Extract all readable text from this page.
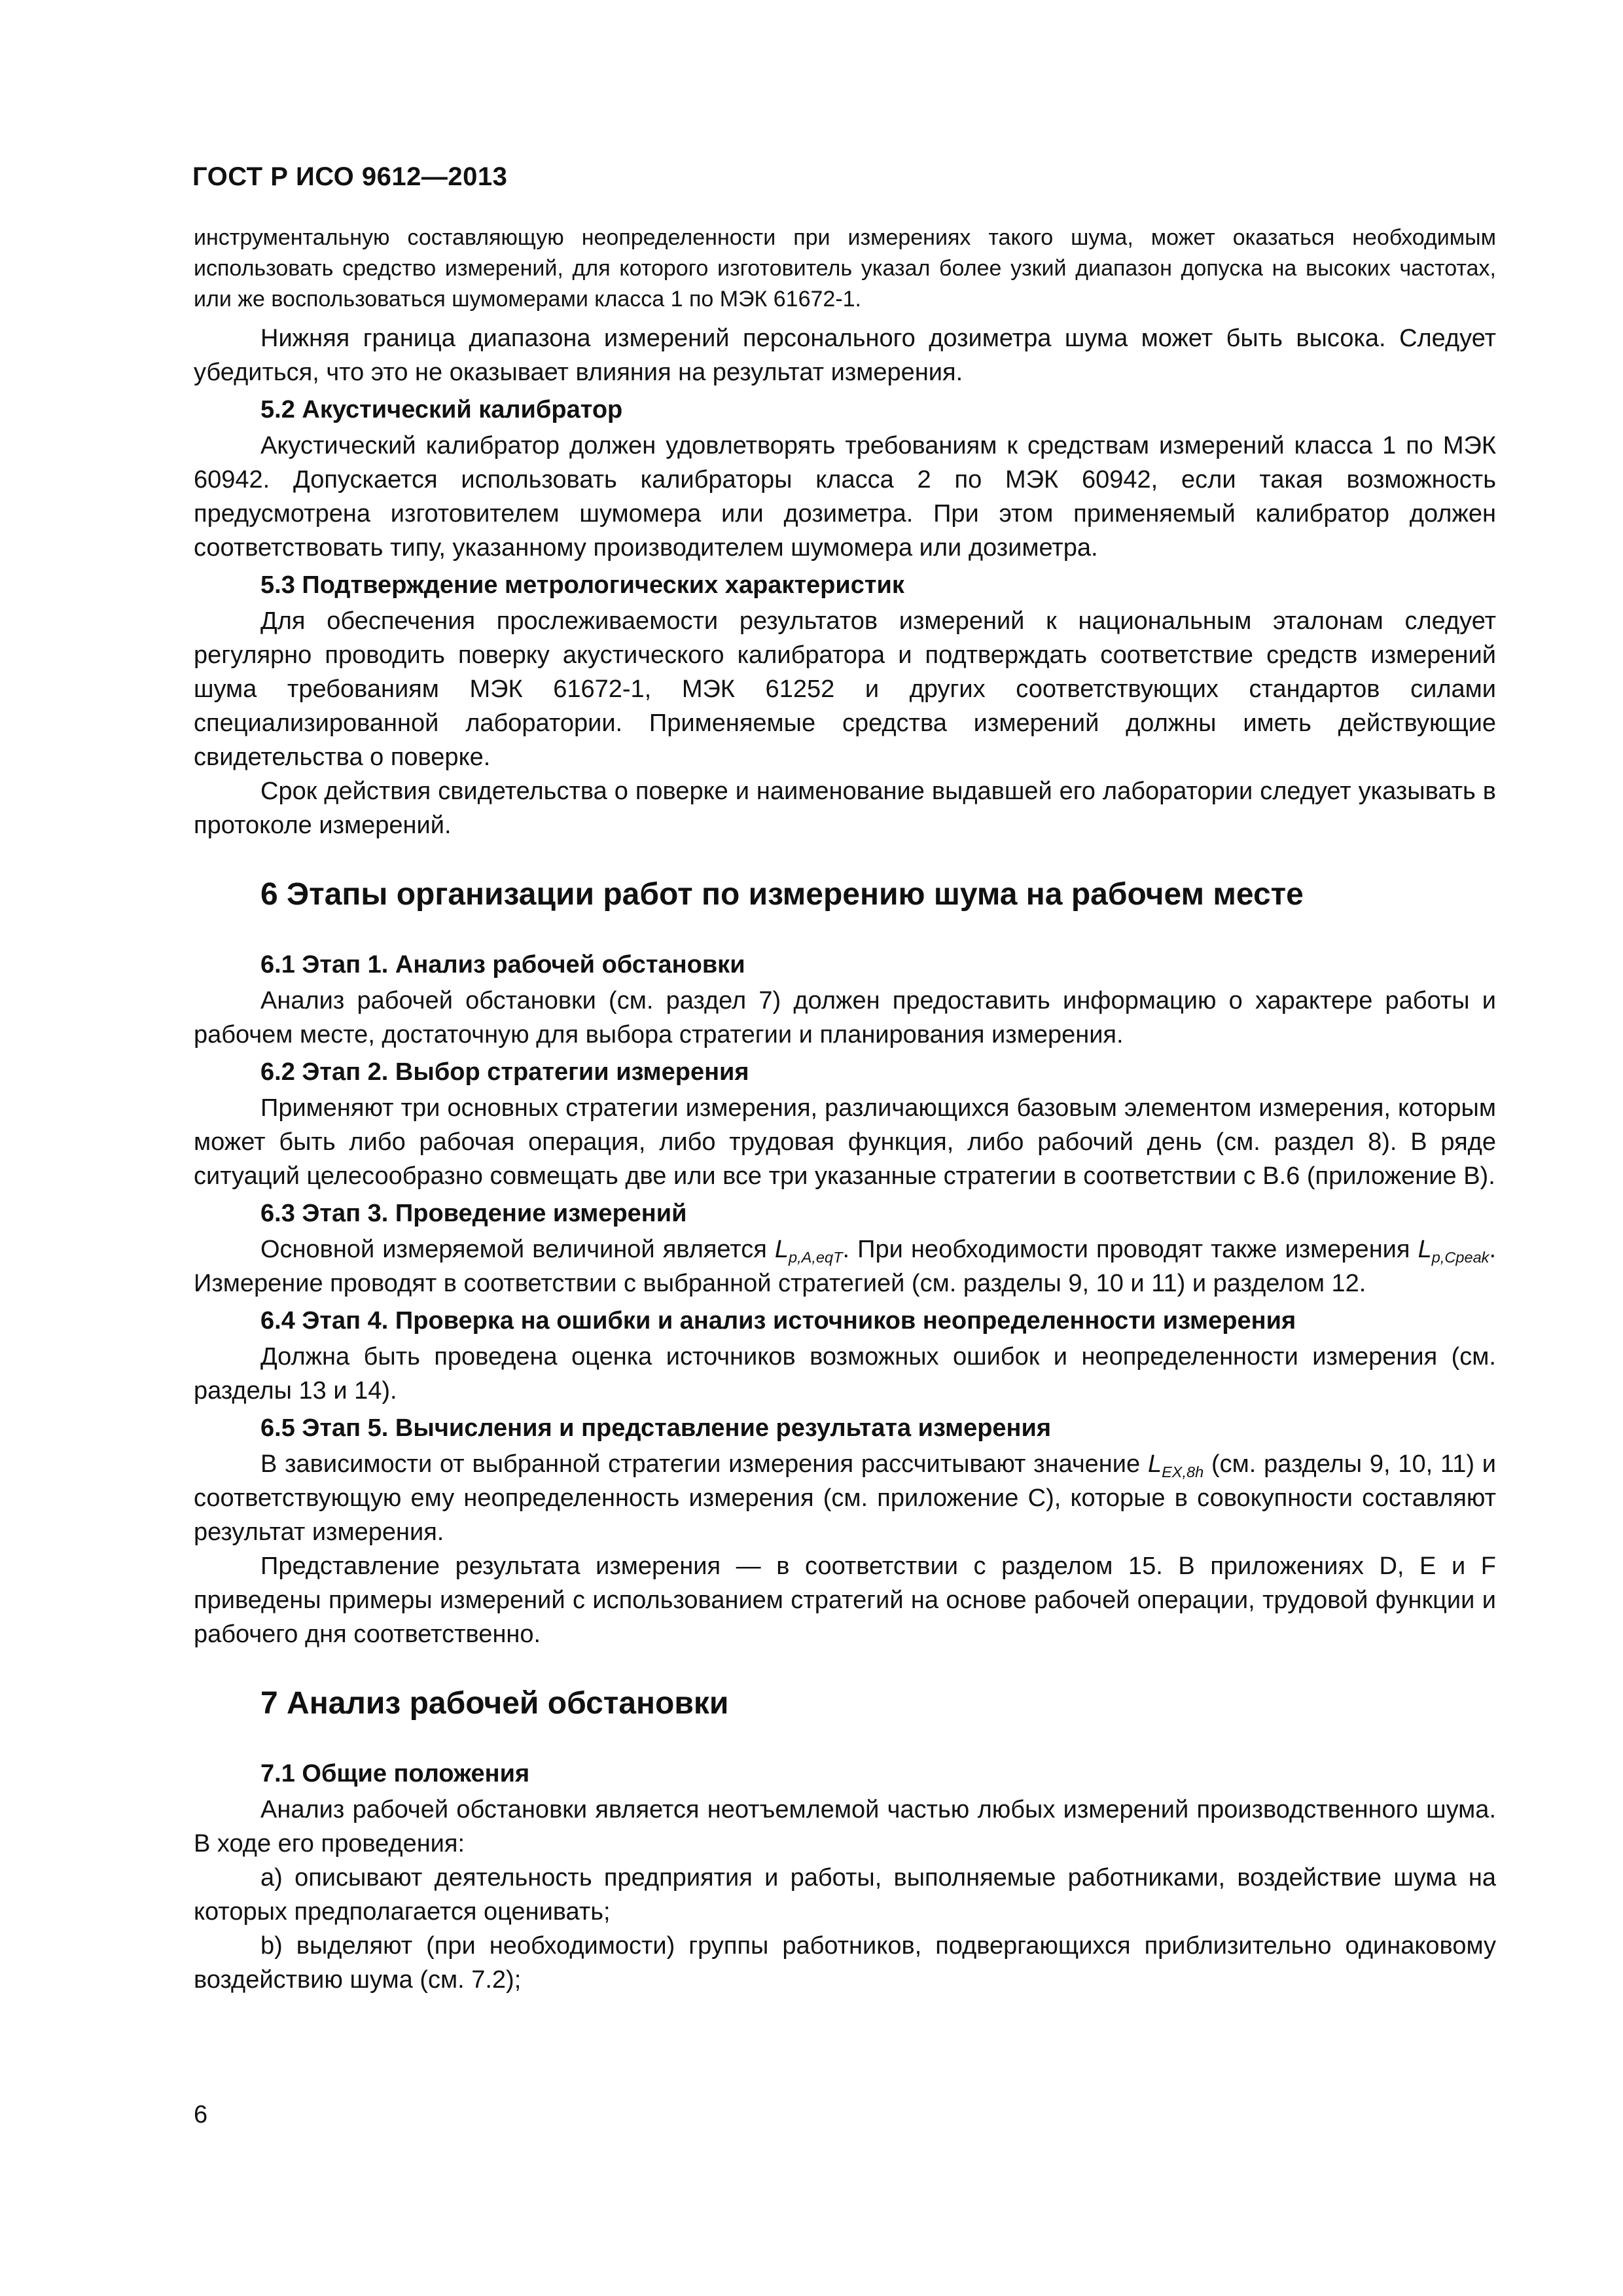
ГОСТ Р ИСО 9612—2013

инструментальную составляющую неопределенности при измерениях такого шума, может оказаться необходимым использовать средство измерений, для которого изготовитель указал более узкий диапазон допуска на высоких частотах, или же воспользоваться шумомерами класса 1 по МЭК 61672-1.

Нижняя граница диапазона измерений персонального дозиметра шума может быть высока. Следует убедиться, что это не оказывает влияния на результат измерения.

5.2 Акустический калибратор

Акустический калибратор должен удовлетворять требованиям к средствам измерений класса 1 по МЭК 60942. Допускается использовать калибраторы класса 2 по МЭК 60942, если такая возможность предусмотрена изготовителем шумомера или дозиметра. При этом применяемый калибратор должен соответствовать типу, указанному производителем шумомера или дозиметра.

5.3 Подтверждение метрологических характеристик

Для обеспечения прослеживаемости результатов измерений к национальным эталонам следует регулярно проводить поверку акустического калибратора и подтверждать соответствие средств измерений шума требованиям МЭК 61672-1, МЭК 61252 и других соответствующих стандартов силами специализированной лаборатории. Применяемые средства измерений должны иметь действующие свидетельства о поверке.

Срок действия свидетельства о поверке и наименование выдавшей его лаборатории следует указывать в протоколе измерений.

6 Этапы организации работ по измерению шума на рабочем месте
6.1 Этап 1. Анализ рабочей обстановки

Анализ рабочей обстановки (см. раздел 7) должен предоставить информацию о характере работы и рабочем месте, достаточную для выбора стратегии и планирования измерения.

6.2 Этап 2. Выбор стратегии измерения

Применяют три основных стратегии измерения, различающихся базовым элементом измерения, которым может быть либо рабочая операция, либо трудовая функция, либо рабочий день (см. раздел 8). В ряде ситуаций целесообразно совмещать две или все три указанные стратегии в соответствии с В.6 (приложение В).

6.3 Этап 3. Проведение измерений

Основной измеряемой величиной является $L_{p,A,eqT}$. При необходимости проводят также измерения $L_{p,Cpeak}$. Измерение проводят в соответствии с выбранной стратегией (см. разделы 9, 10 и 11) и разделом 12.

6.4 Этап 4. Проверка на ошибки и анализ источников неопределенности измерения

Должна быть проведена оценка источников возможных ошибок и неопределенности измерения (см. разделы 13 и 14).

6.5 Этап 5. Вычисления и представление результата измерения

В зависимости от выбранной стратегии измерения рассчитывают значение $L_{EX,8h}$ (см. разделы 9, 10, 11) и соответствующую ему неопределенность измерения (см. приложение С), которые в совокупности составляют результат измерения.

Представление результата измерения — в соответствии с разделом 15. В приложениях D, Е и F приведены примеры измерений с использованием стратегий на основе рабочей операции, трудовой функции и рабочего дня соответственно.

7 Анализ рабочей обстановки
7.1 Общие положения

Анализ рабочей обстановки является неотъемлемой частью любых измерений производственного шума. В ходе его проведения:

a) описывают деятельность предприятия и работы, выполняемые работниками, воздействие шума на которых предполагается оценивать;

b) выделяют (при необходимости) группы работников, подвергающихся приблизительно одинаковому воздействию шума (см. 7.2);

6
